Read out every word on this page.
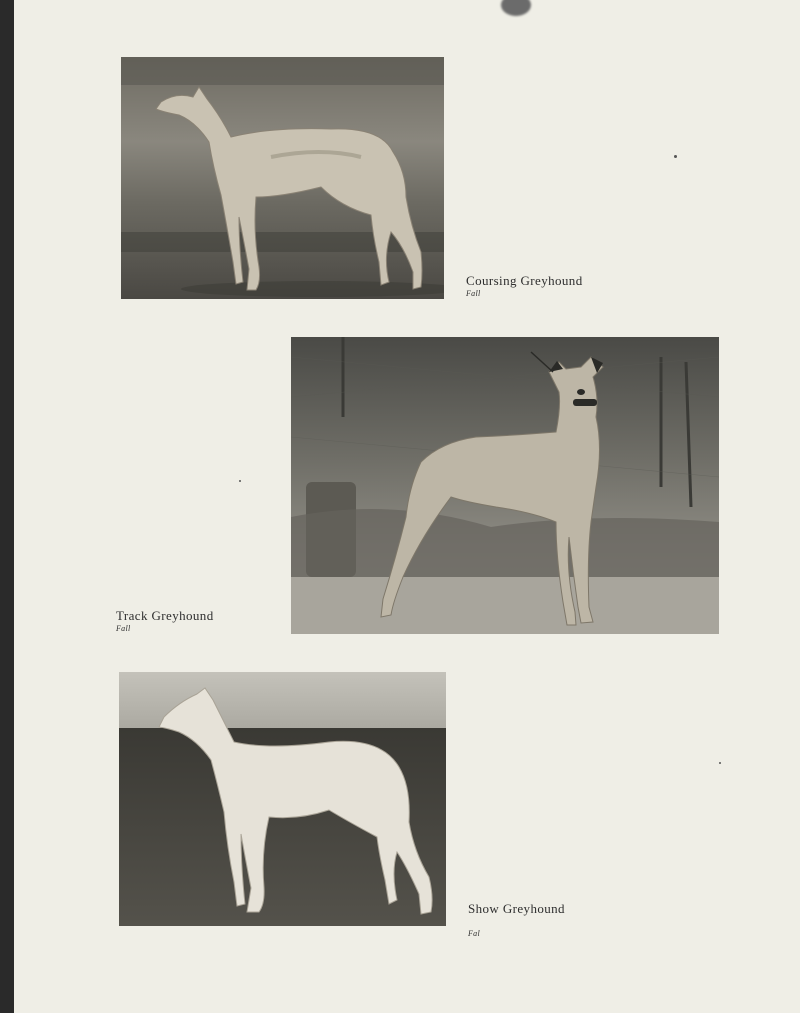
Coursing Greyhound
Fall
Track Greyhound
Fall
Show Greyhound
Fal
